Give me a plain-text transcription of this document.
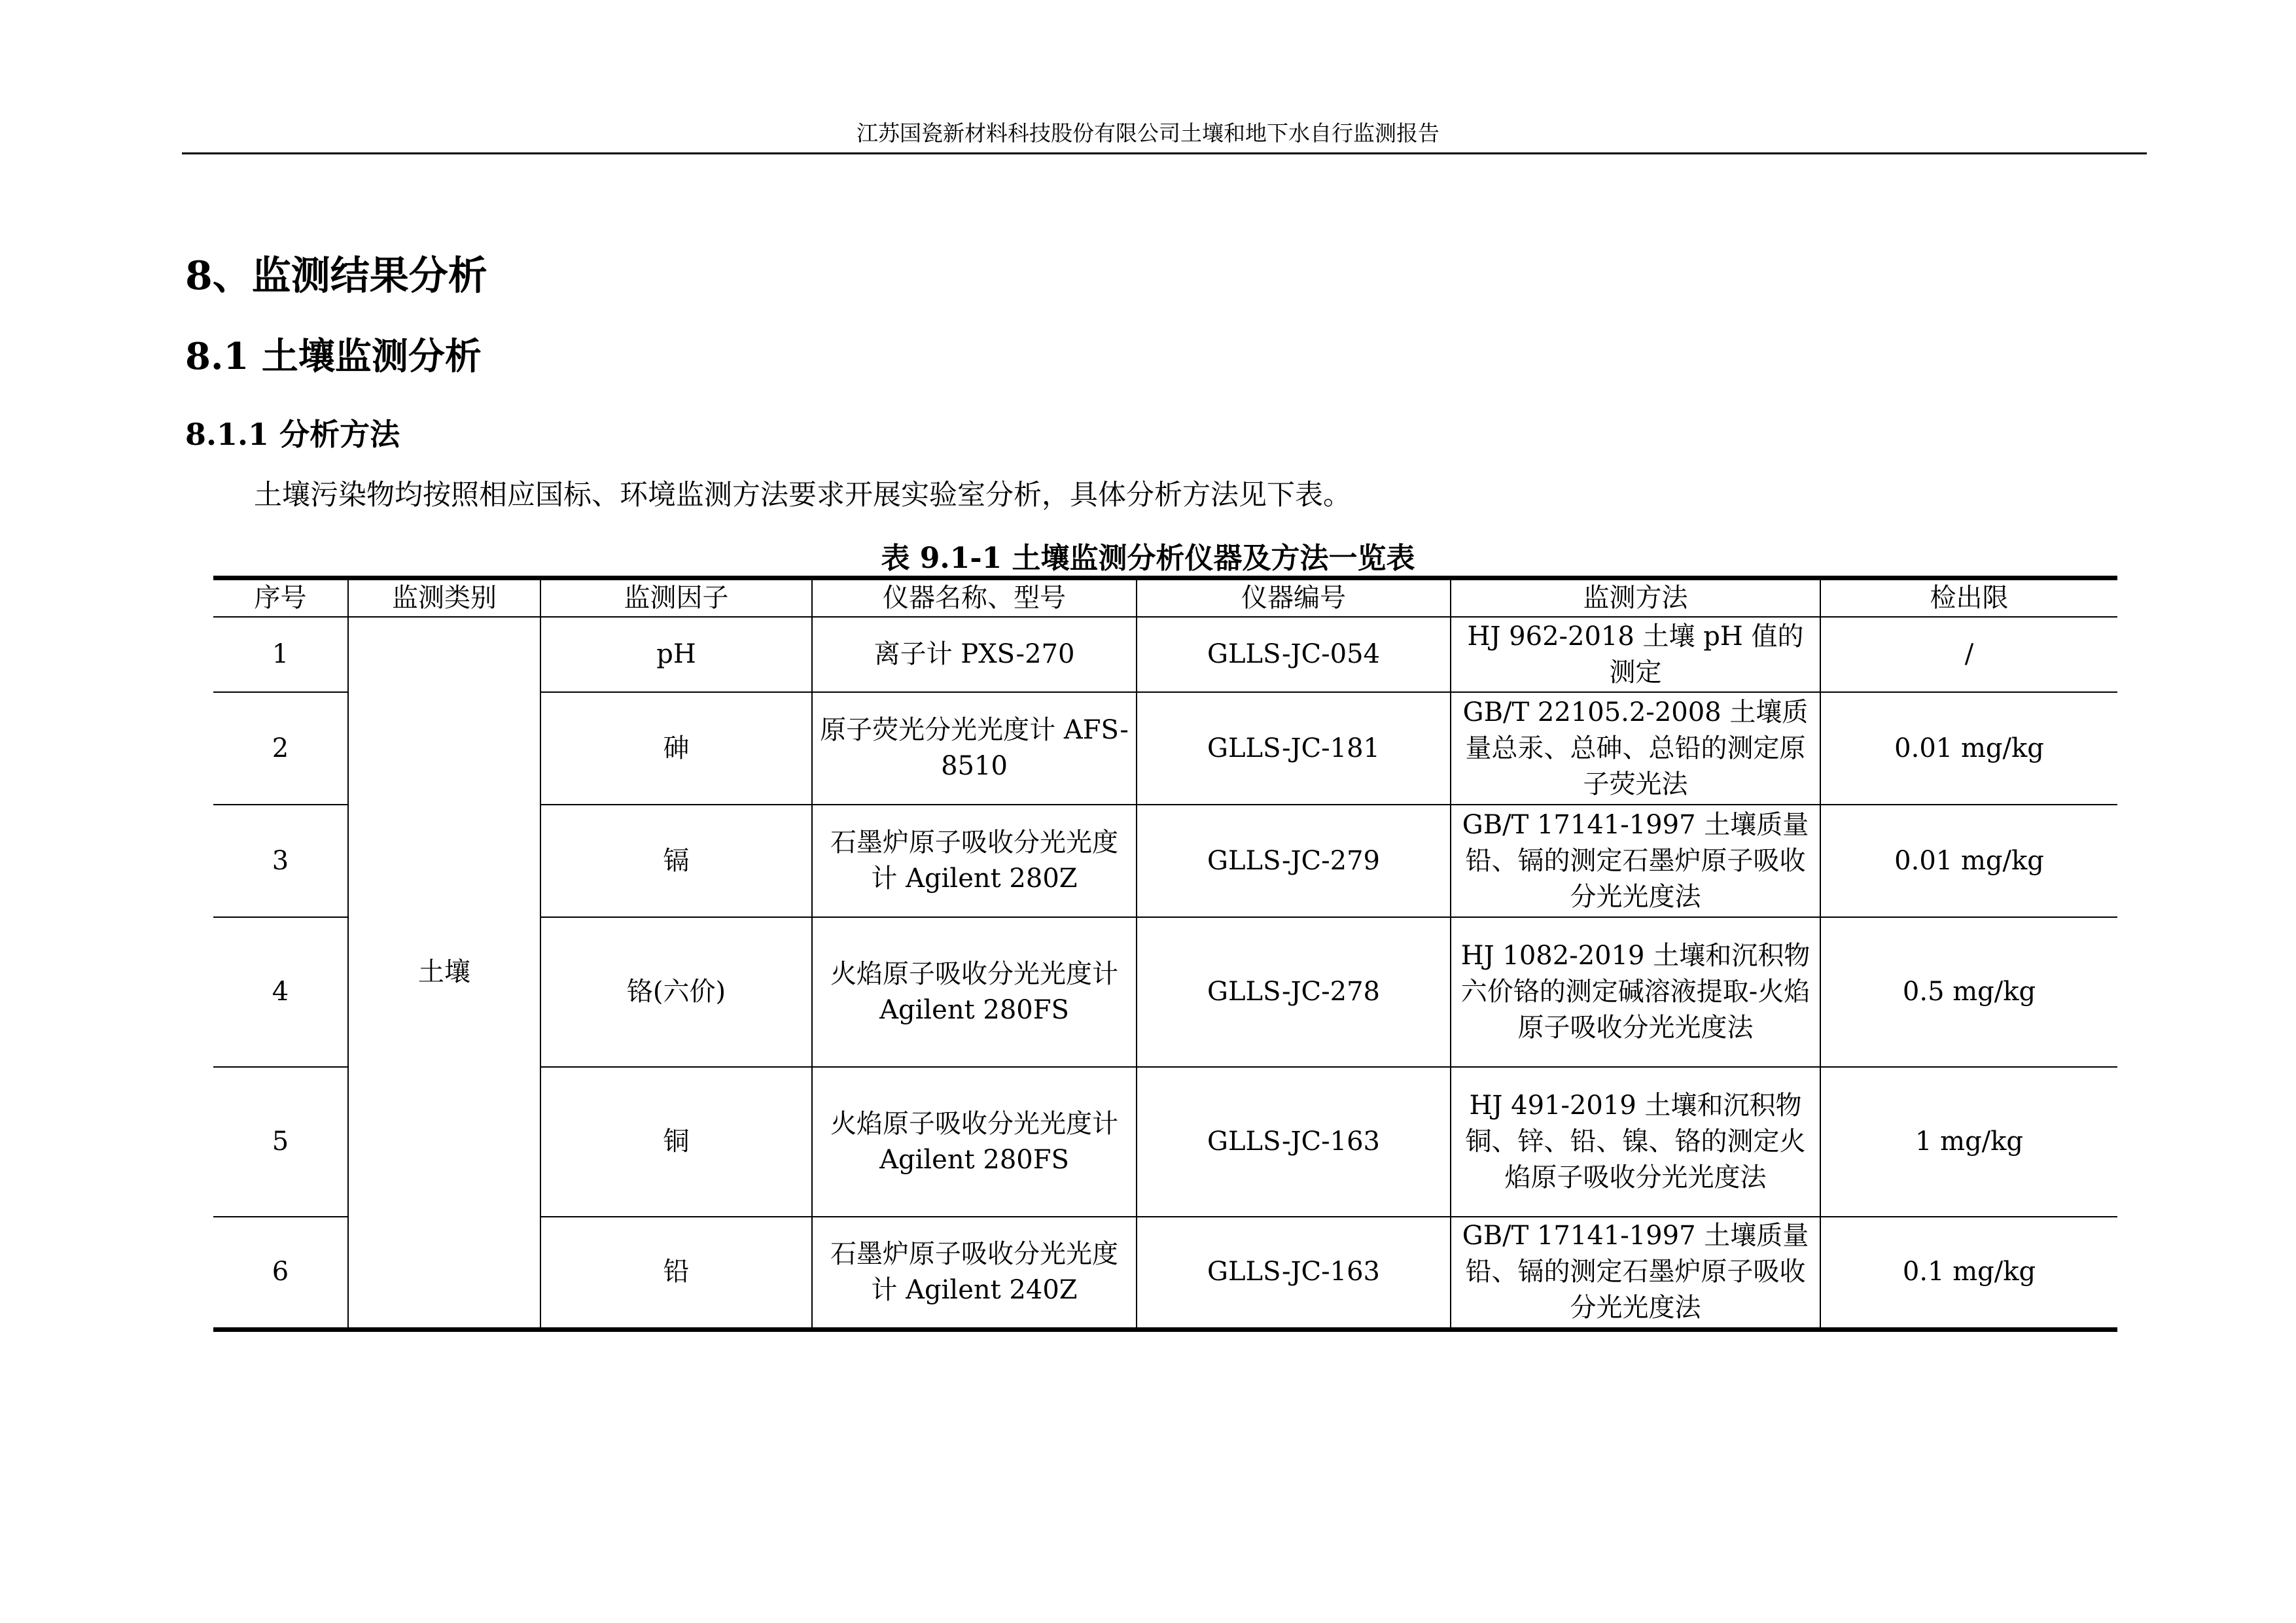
江苏国瓷新材料科技股份有限公司土壤和地下水自行监测报告
8、监测结果分析
8.1 土壤监测分析
8.1.1 分析方法
土壤污染物均按照相应国标、环境监测方法要求开展实验室分析，具体分析方法见下表。
表 9.1-1 土壤监测分析仪器及方法一览表
序号	监测类别	监测因子	仪器名称、型号	仪器编号	监测方法	检出限
1	土壤	pH	离子计 PXS-270	GLLS-JC-054	HJ 962-2018 土壤 pH 值的测定	/
2		砷	原子荧光分光光度计 AFS-8510	GLLS-JC-181	GB/T 22105.2-2008 土壤质量总汞、总砷、总铅的测定原子荧光法	0.01 mg/kg
3		镉	石墨炉原子吸收分光光度计 Agilent 280Z	GLLS-JC-279	GB/T 17141-1997 土壤质量铅、镉的测定石墨炉原子吸收分光光度法	0.01 mg/kg
4		铬(六价)	火焰原子吸收分光光度计 Agilent 280FS	GLLS-JC-278	HJ 1082-2019 土壤和沉积物六价铬的测定碱溶液提取-火焰原子吸收分光光度法	0.5 mg/kg
5		铜	火焰原子吸收分光光度计 Agilent 280FS	GLLS-JC-163	HJ 491-2019 土壤和沉积物铜、锌、铅、镍、铬的测定火焰原子吸收分光光度法	1 mg/kg
6		铅	石墨炉原子吸收分光光度计 Agilent 240Z	GLLS-JC-163	GB/T 17141-1997 土壤质量铅、镉的测定石墨炉原子吸收分光光度法	0.1 mg/kg
